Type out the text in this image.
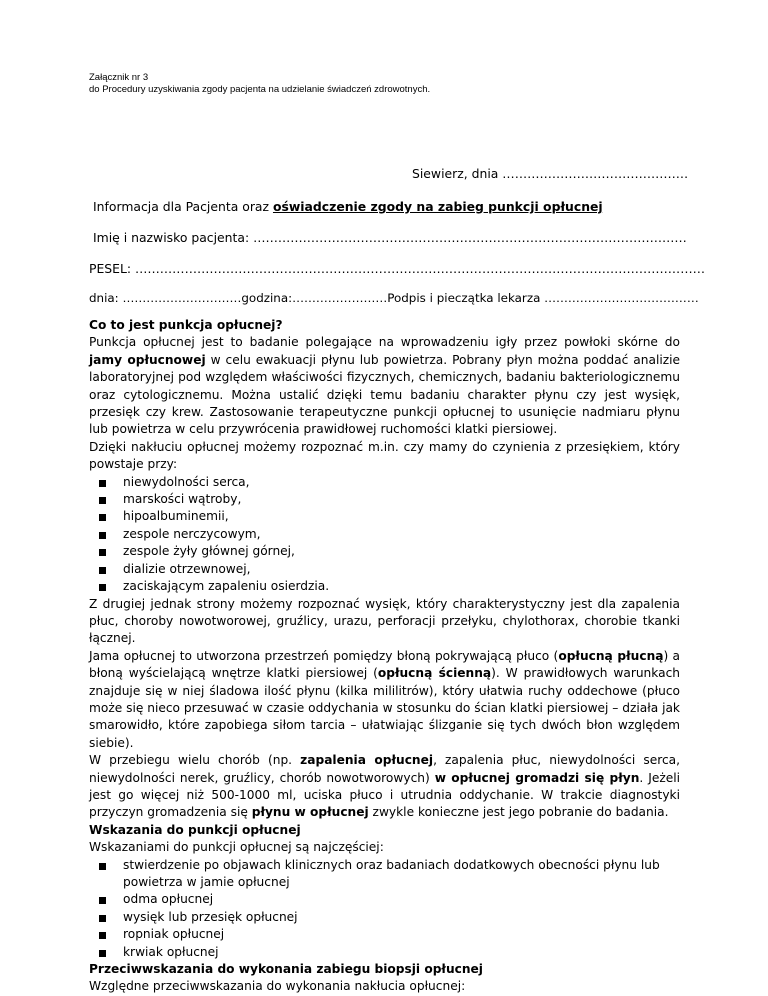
Załącznik nr 3
do Procedury uzyskiwania zgody pacjenta na udzielanie świadczeń zdrowotnych.
Siewierz, dnia ………………………………………
Informacja dla Pacjenta oraz oświadczenie zgody na zabieg punkcji opłucnej
Imię i nazwisko pacjenta: ……………………………………………………………………………………………
PESEL: …………………………………………………………………………………………………………………………
dnia: …………………………godzina:……………………Podpis i pieczątka lekarza …………………………………
Co to jest punkcja opłucnej?

Punkcja opłucnej jest to badanie polegające na wprowadzeniu igły przez powłoki skórne do jamy opłucnowej w celu ewakuacji płynu lub powietrza. Pobrany płyn można poddać analizie laboratoryjnej pod względem właściwości fizycznych, chemicznych, badaniu bakteriologicznemu oraz cytologicznemu. Można ustalić dzięki temu badaniu charakter płynu czy jest wysięk, przesięk czy krew. Zastosowanie terapeutyczne punkcji opłucnej to usunięcie nadmiaru płynu lub powietrza w celu przywrócenia prawidłowej ruchomości klatki piersiowej.

Dzięki nakłuciu opłucnej możemy rozpoznać m.in. czy mamy do czynienia z przesiękiem, który powstaje przy:

niewydolności serca,
marskości wątroby,
hipoalbuminemii,
zespole nerczycowym,
zespole żyły głównej górnej,
dializie otrzewnowej,
zaciskającym zapaleniu osierdzia.

Z drugiej jednak strony możemy rozpoznać wysięk, który charakterystyczny jest dla zapalenia płuc, choroby nowotworowej, gruźlicy, urazu, perforacji przełyku, chylothorax, chorobie tkanki łącznej.

Jama opłucnej to utworzona przestrzeń pomiędzy błoną pokrywającą płuco (opłucną płucną) a błoną wyścielającą wnętrze klatki piersiowej (opłucną ścienną). W prawidłowych warunkach znajduje się w niej śladowa ilość płynu (kilka mililitrów), który ułatwia ruchy oddechowe (płuco może się nieco przesuwać w czasie oddychania w stosunku do ścian klatki piersiowej – działa jak smarowidło, które zapobiega siłom tarcia – ułatwiając ślizganie się tych dwóch błon względem siebie).

W przebiegu wielu chorób (np. zapalenia opłucnej, zapalenia płuc, niewydolności serca, niewydolności nerek, gruźlicy, chorób nowotworowych) w opłucnej gromadzi się płyn. Jeżeli jest go więcej niż 500-1000 ml, uciska płuco i utrudnia oddychanie. W trakcie diagnostyki przyczyn gromadzenia się płynu w opłucnej zwykle konieczne jest jego pobranie do badania.

Wskazania do punkcji opłucnej

Wskazaniami do punkcji opłucnej są najczęściej:

stwierdzenie po objawach klinicznych oraz badaniach dodatkowych obecności płynu lub powietrza w jamie opłucnej
odma opłucnej
wysięk lub przesięk opłucnej
ropniak opłucnej
krwiak opłucnej
Przeciwwskazania do wykonania zabiegu biopsji opłucnej

Względne przeciwwskazania do wykonania nakłucia opłucnej:
